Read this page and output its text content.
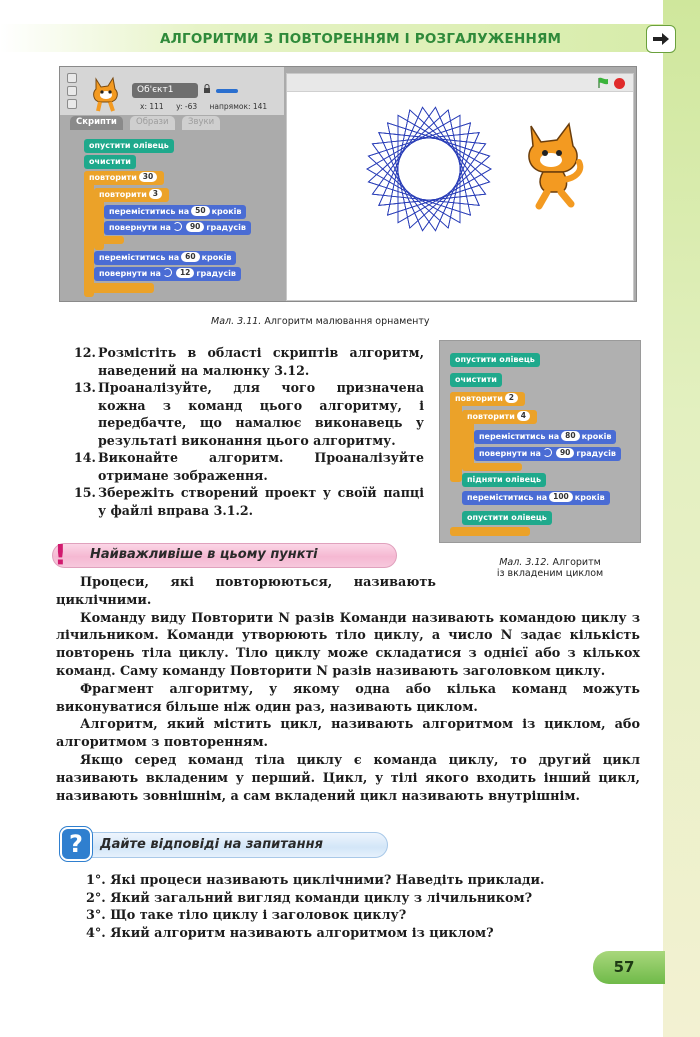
АЛГОРИТМИ З ПОВТОРЕННЯМ І РОЗГАЛУЖЕННЯМ
Об'єкт1
x: 111 y: -63 напрямок: 141
Скрипти	Образи	Звуки
опустити олівець
очистити
повторити 30
повторити 3
переміститись на 50 кроків
повернути на	90 градусів
переміститись на 60 кроків
повернути на	12 градусів
Мал. 3.11. Алгоритм малювання орнаменту
12. Розмістіть в області скриптів алгоритм, наведений на малюнку 3.12.
13. Проаналізуйте, для чого призначена кожна з команд цього алгоритму, і передбачте, що намалює виконавець у результаті виконання цього алгоритму.
14. Виконайте алгоритм. Проаналізуйте отримане зображення.
15. Збережіть створений проект у своїй папці у файлі вправа 3.1.2.
опустити олівець
очистити
повторити 2
повторити 4
переміститись на 80 кроків
повернути на	90 градусів
підняти олівець
переміститись на 100 кроків
опустити олівець
Мал. 3.12. Алгоритм
із вкладеним циклом
! Найважливіше в цьому пункті

Процеси, які повторюються, називають циклічними.

Команду виду Повторити N разів Команди називають командою циклу з лічильником. Команди утворюють тіло циклу, а число N задає кількість повторень тіла циклу. Тіло циклу може складатися з однієї або з кількох команд. Саму команду Повторити N разів називають заголовком циклу.

Фрагмент алгоритму, у якому одна або кілька команд можуть виконуватися більше ніж один раз, називають циклом.

Алгоритм, який містить цикл, називають алгоритмом із циклом, або алгоритмом з повторенням.

Якщо серед команд тіла циклу є команда циклу, то другий цикл називають вкладеним у перший. Цикл, у тілі якого входить інший цикл, називають зовнішнім, а сам вкладений цикл називають внутрішнім.

?	Дайте відповіді на запитання
1°. Які процеси називають циклічними? Наведіть приклади.
2°. Який загальний вигляд команди циклу з лічильником?
3°. Що таке тіло циклу і заголовок циклу?
4°. Який алгоритм називають алгоритмом із циклом?
57
